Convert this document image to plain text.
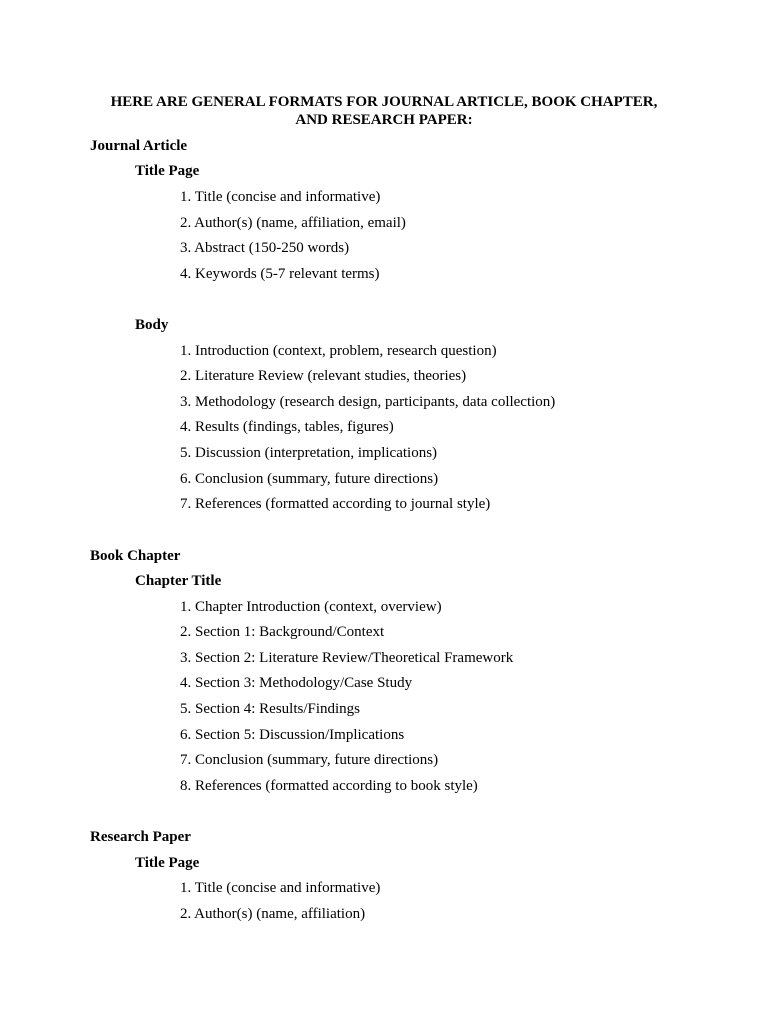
HERE ARE GENERAL FORMATS FOR JOURNAL ARTICLE, BOOK CHAPTER,
AND RESEARCH PAPER:
Journal Article
Title Page
1. Title (concise and informative)
2. Author(s) (name, affiliation, email)
3. Abstract (150-250 words)
4. Keywords (5-7 relevant terms)
Body
1. Introduction (context, problem, research question)
2. Literature Review (relevant studies, theories)
3. Methodology (research design, participants, data collection)
4. Results (findings, tables, figures)
5. Discussion (interpretation, implications)
6. Conclusion (summary, future directions)
7. References (formatted according to journal style)
Book Chapter
Chapter Title
1. Chapter Introduction (context, overview)
2. Section 1: Background/Context
3. Section 2: Literature Review/Theoretical Framework
4. Section 3: Methodology/Case Study
5. Section 4: Results/Findings
6. Section 5: Discussion/Implications
7. Conclusion (summary, future directions)
8. References (formatted according to book style)
Research Paper
Title Page
1. Title (concise and informative)
2. Author(s) (name, affiliation)
